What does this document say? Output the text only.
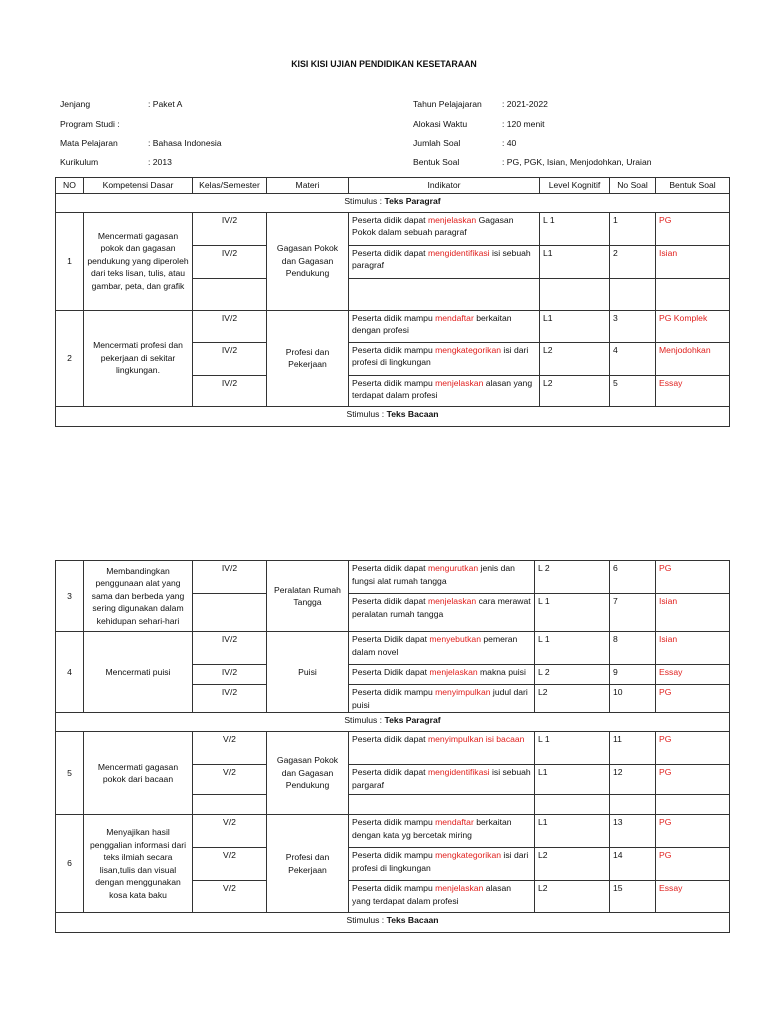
KISI KISI UJIAN PENDIDIKAN KESETARAAN
Jenjang	: Paket A
Program Studi :
Mata Pelajaran	: Bahasa Indonesia
Kurikulum	: 2013
Tahun Pelajajaran : 2021-2022
Alokasi Waktu	: 120 menit
Jumlah Soal	: 40
Bentuk Soal	: PG, PGK, Isian, Menjodohkan, Uraian
NO	Kompetensi Dasar	Kelas/Semester	Materi	Indikator	Level Kognitif	No Soal	Bentuk Soal
Stimulus : Teks Paragraf							
1	Mencermati gagasan pokok dan gagasan pendukung yang diperoleh dari teks lisan, tulis, atau gambar, peta, dan grafik	IV/2	Gagasan Pokok dan Gagasan Pendukung	Peserta didik dapat menjelaskan Gagasan Pokok dalam sebuah paragraf	L 1	1	PG
		IV/2		Peserta didik dapat mengidentifikasi isi sebuah paragraf	L1	2	Isian

2	Mencermati profesi dan pekerjaan di sekitar lingkungan.	IV/2	Profesi dan Pekerjaan	Peserta didik mampu mendaftar berkaitan dengan profesi	L1	3	PG Komplek
		IV/2		Peserta didik mampu mengkategorikan isi dari profesi di lingkungan	L2	4	Menjodohkan
		IV/2		Peserta didik mampu menjelaskan alasan yang terdapat dalam profesi	L2	5	Essay
Stimulus : Teks Bacaan							
3	Membandingkan penggunaan alat yang sama dan berbeda yang sering digunakan dalam kehidupan sehari-hari	IV/2	Peralatan Rumah Tangga	Peserta didik dapat mengurutkan jenis dan fungsi alat rumah tangga	L 2	6	PG
				Peserta didik dapat menjelaskan cara merawat peralatan rumah tangga	L 1	7	Isian
4	Mencermati puisi	IV/2	Puisi	Peserta Didik dapat menyebutkan pemeran dalam novel	L 1	8	Isian
		IV/2		Peserta Didik dapat menjelaskan makna puisi	L 2	9	Essay
		IV/2		Peserta didik mampu menyimpulkan judul dari puisi	L2	10	PG
Stimulus : Teks Paragraf							
5	Mencermati gagasan pokok dari bacaan	V/2	Gagasan Pokok dan Gagasan Pendukung	Peserta didik dapat menyimpulkan isi bacaan	L 1	11	PG
		V/2		Peserta didik dapat mengidentifikasi isi sebuah pargaraf	L1	12	PG

6	Menyajikan hasil penggalian informasi dari teks ilmiah secara lisan,tulis dan visual dengan menggunakan kosa kata baku	V/2	Profesi dan Pekerjaan	Peserta didik mampu mendaftar berkaitan dengan kata yg bercetak miring	L1	13	PG
		V/2		Peserta didik mampu mengkategorikan isi dari profesi di lingkungan	L2	14	PG
		V/2		Peserta didik mampu menjelaskan alasan yang terdapat dalam profesi	L2	15	Essay
Stimulus : Teks Bacaan							
